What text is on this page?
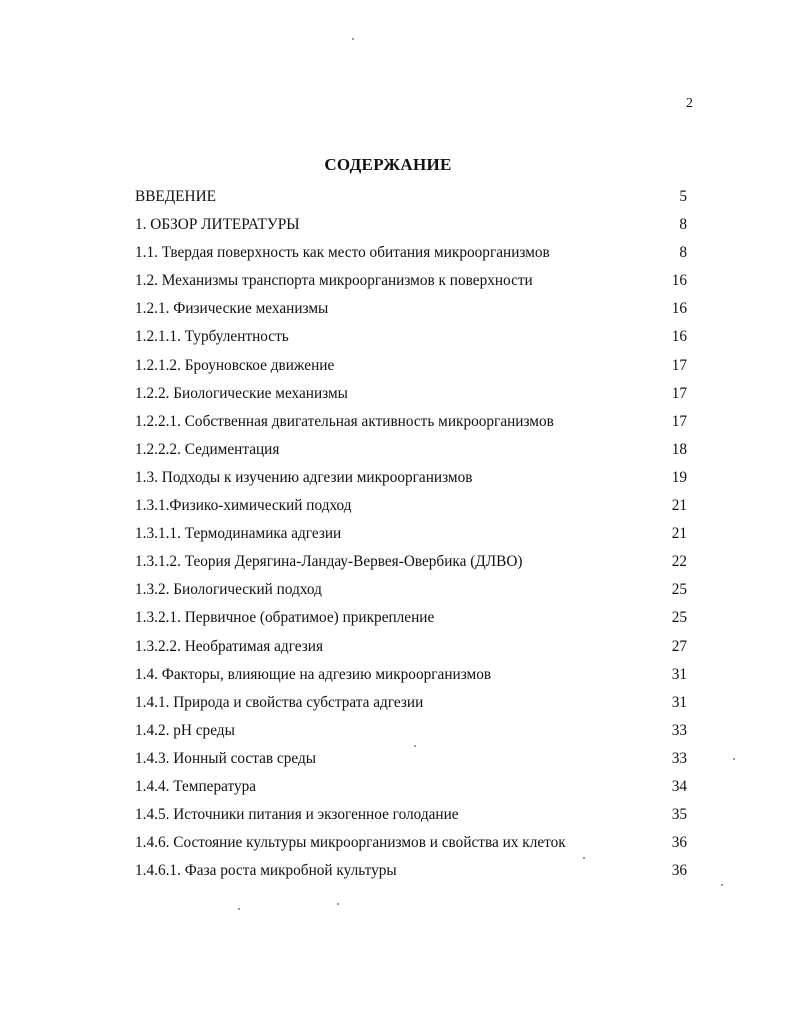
2
СОДЕРЖАНИЕ
ВВЕДЕНИЕ	5
1. ОБЗОР ЛИТЕРАТУРЫ	8
1.1. Твердая поверхность как место обитания микроорганизмов	8
1.2. Механизмы транспорта микроорганизмов к поверхности	16
1.2.1. Физические механизмы	16
1.2.1.1. Турбулентность	16
1.2.1.2. Броуновское движение	17
1.2.2. Биологические механизмы	17
1.2.2.1. Собственная двигательная активность микроорганизмов	17
1.2.2.2. Седиментация	18
1.3. Подходы к изучению адгезии микроорганизмов	19
1.3.1.Физико-химический подход	21
1.3.1.1. Термодинамика адгезии	21
1.3.1.2. Теория Дерягина-Ландау-Вервея-Овербика (ДЛВО)	22
1.3.2. Биологический подход	25
1.3.2.1. Первичное (обратимое) прикрепление	25
1.3.2.2. Необратимая адгезия	27
1.4. Факторы, влияющие на адгезию микроорганизмов	31
1.4.1. Природа и свойства субстрата адгезии	31
1.4.2. pH среды	33
1.4.3. Ионный состав среды	33
1.4.4. Температура	34
1.4.5. Источники питания и экзогенное голодание	35
1.4.6. Состояние культуры микроорганизмов и свойства их клеток	36
1.4.6.1. Фаза роста микробной культуры	36
